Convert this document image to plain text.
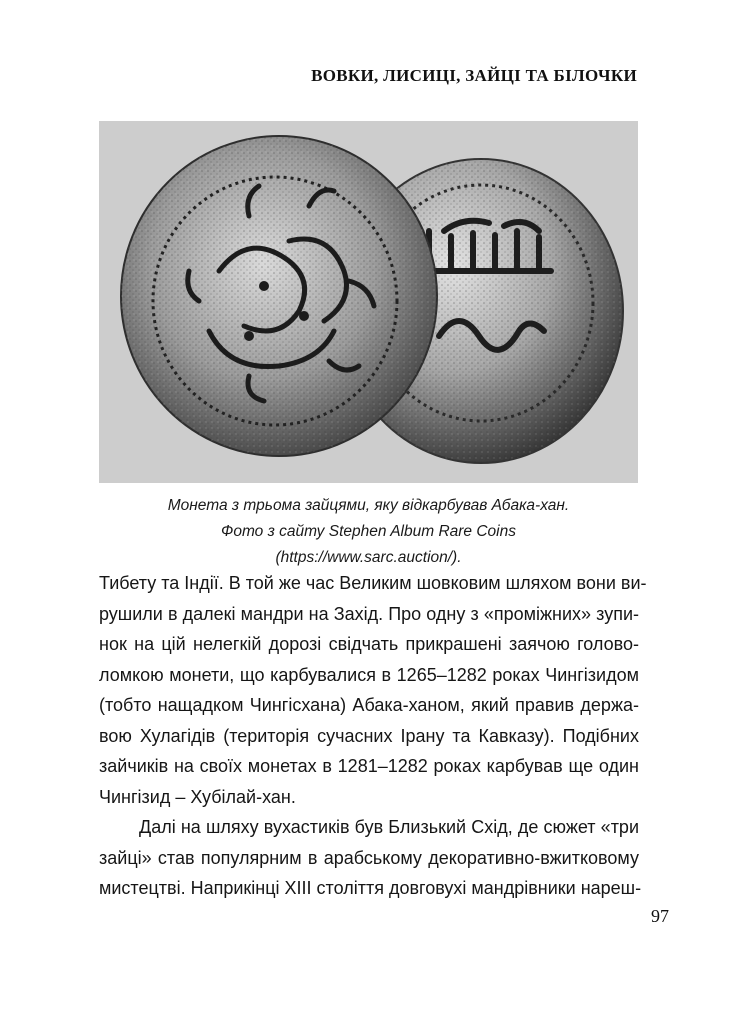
ВОВКИ, ЛИСИЦІ, ЗАЙЦІ ТА БІЛОЧКИ
Монета з трьома зайцями, яку відкарбував Абака-хан.
Фото з сайту Stephen Album Rare Coins
(https://www.sarc.auction/).
Тибету та Індії. В той же час Великим шовковим шляхом вони ви-
рушили в далекі мандри на Захід. Про одну з «проміжних» зупи-
нок на цій нелегкій дорозі свідчать прикрашені заячою голово-
ломкою монети, що карбувалися в 1265–1282 роках Чингізидом
(тобто нащадком Чингісхана) Абака-ханом, який правив держа-
вою Хулагідів (територія сучасних Ірану та Кавказу). Подібних
зайчиків на своїх монетах в 1281–1282 роках карбував ще один
Чингізид – Хубілай-хан.
Далі на шляху вухастиків був Близький Схід, де сюжет «три
зайці» став популярним в арабському декоративно-вжитковому
мистецтві. Наприкінці XIII століття довговухі мандрівники нареш-
97
